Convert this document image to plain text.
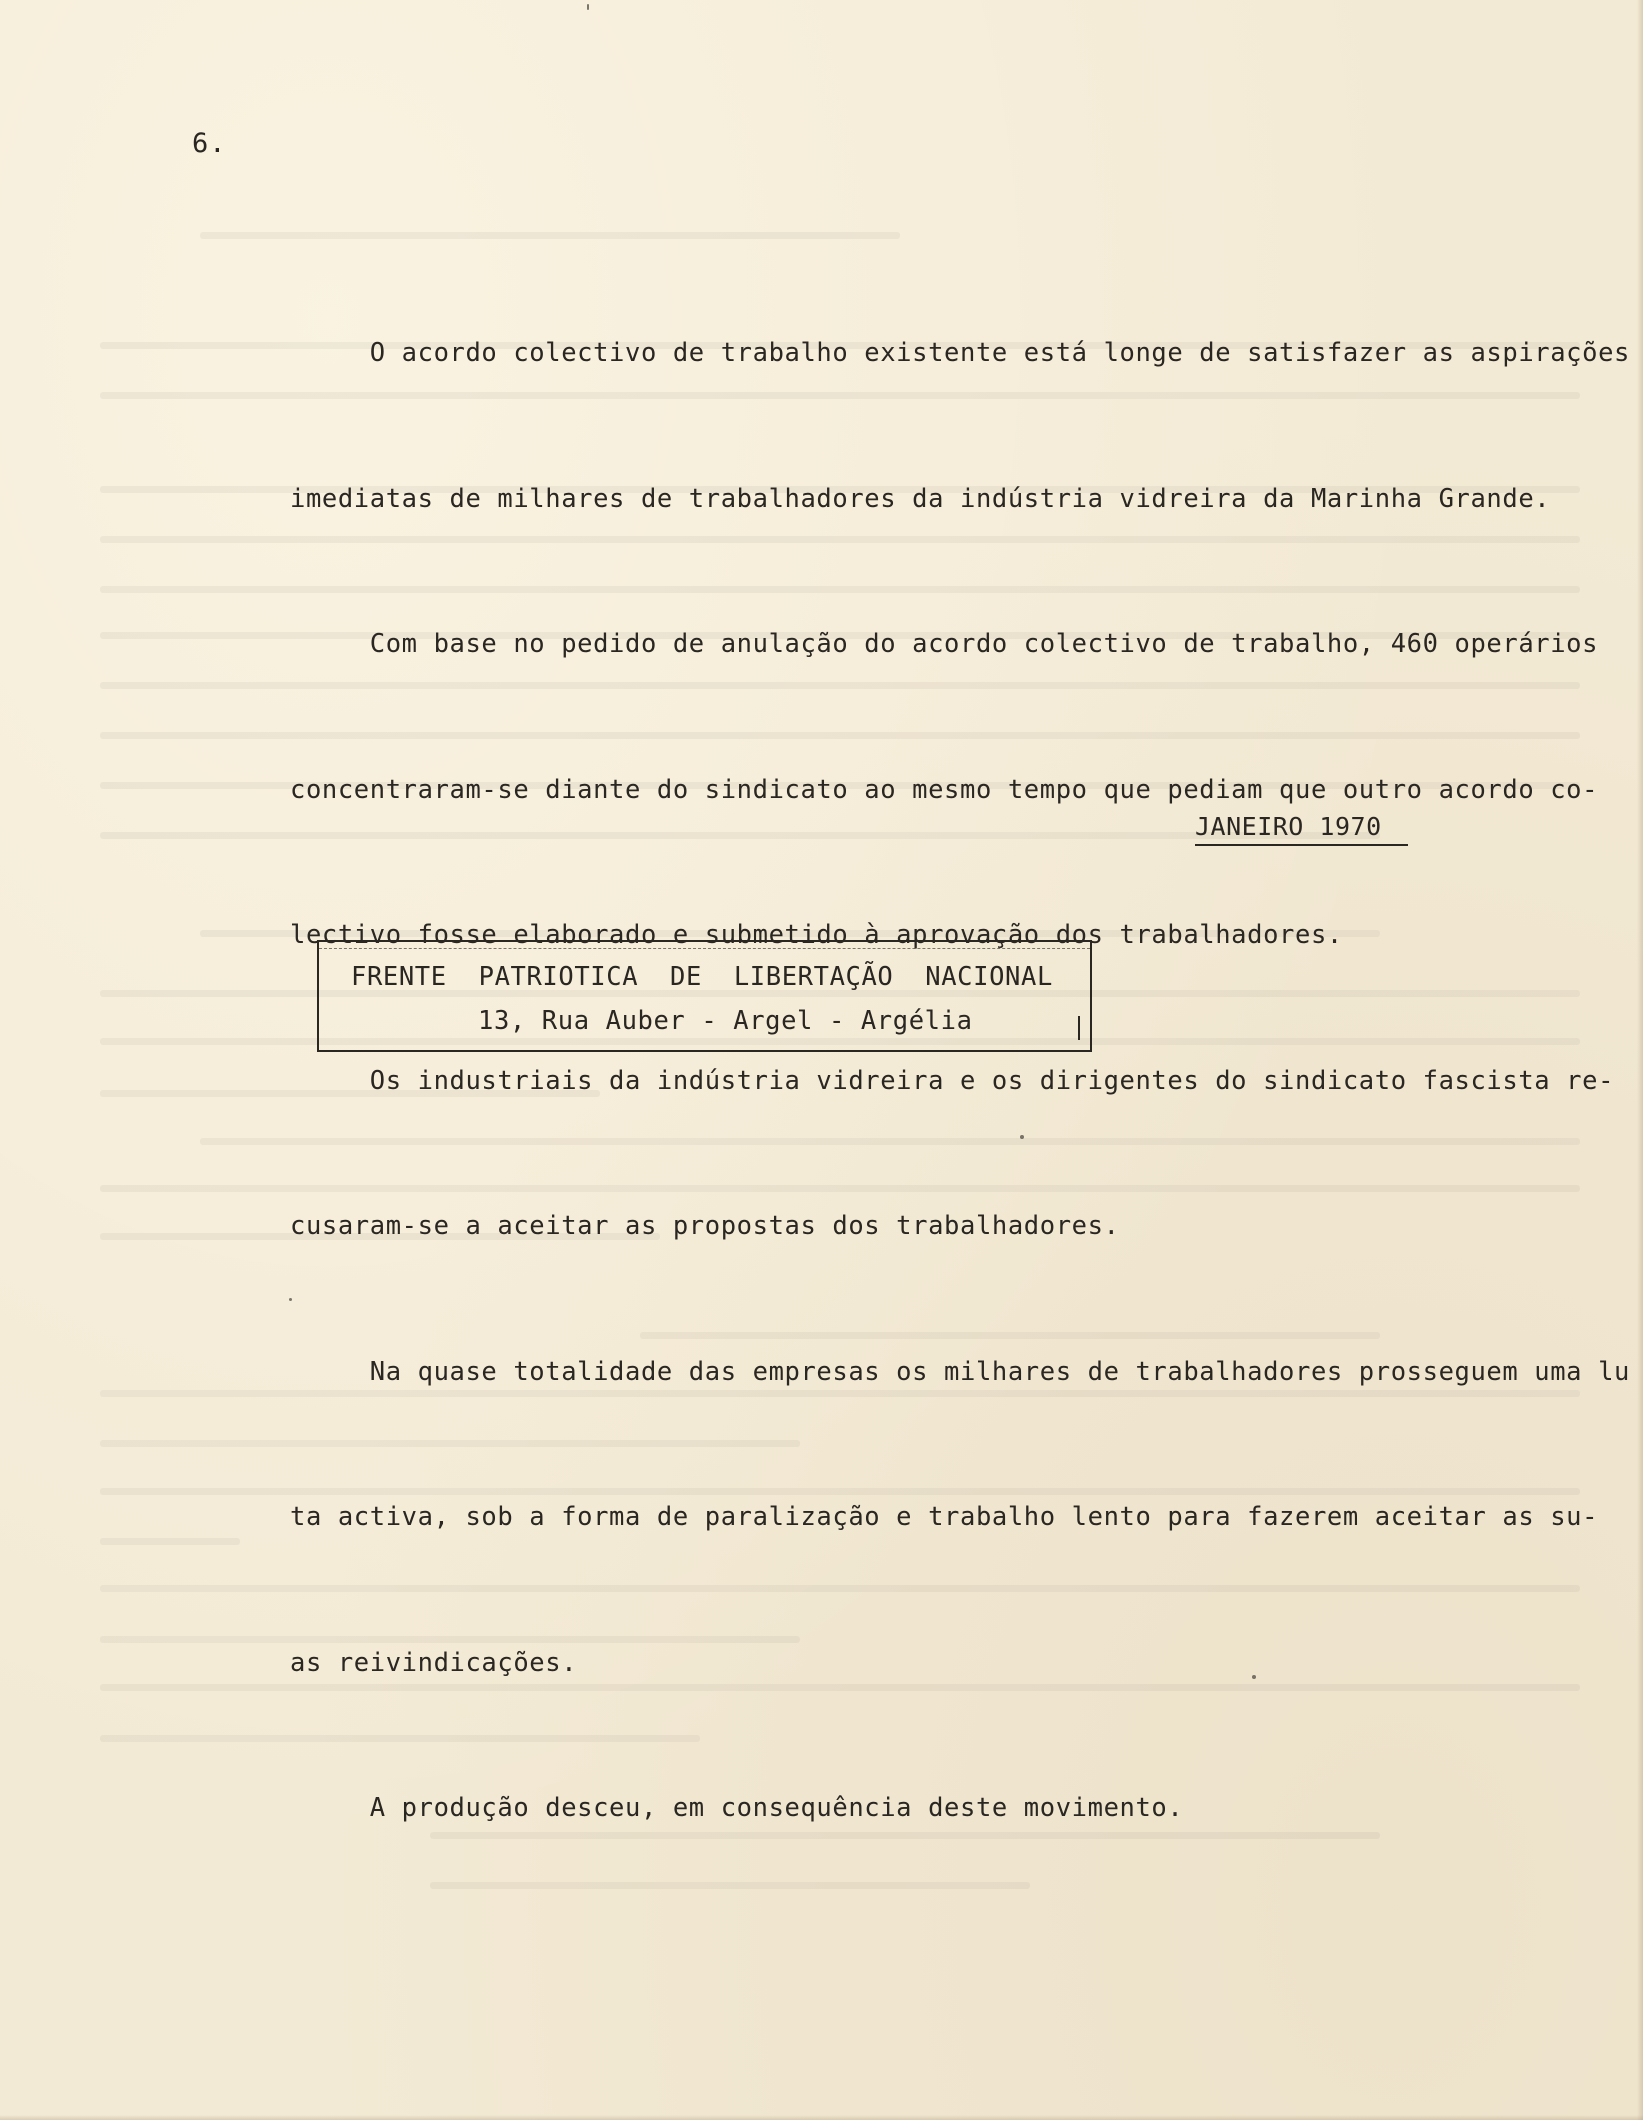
6.

O acordo colectivo de trabalho existente está longe de satisfazer as aspirações

imediatas de milhares de trabalhadores da indústria vidreira da Marinha Grande.

Com base no pedido de anulação do acordo colectivo de trabalho, 460 operários

concentraram-se diante do sindicato ao mesmo tempo que pediam que outro acordo co-

lectivo fosse elaborado e submetido à aprovação dos trabalhadores.

Os industriais da indústria vidreira e os dirigentes do sindicato fascista re-

cusaram-se a aceitar as propostas dos trabalhadores.

Na quase totalidade das empresas os milhares de trabalhadores prosseguem uma lu

ta activa, sob a forma de paralização e trabalho lento para fazerem aceitar as su-

as reivindicações.

A produção desceu, em consequência deste movimento.

JANEIRO 1970
FRENTE  PATRIOTICA  DE  LIBERTAÇÃO  NACIONAL
13, Rua Auber - Argel - Argélia
